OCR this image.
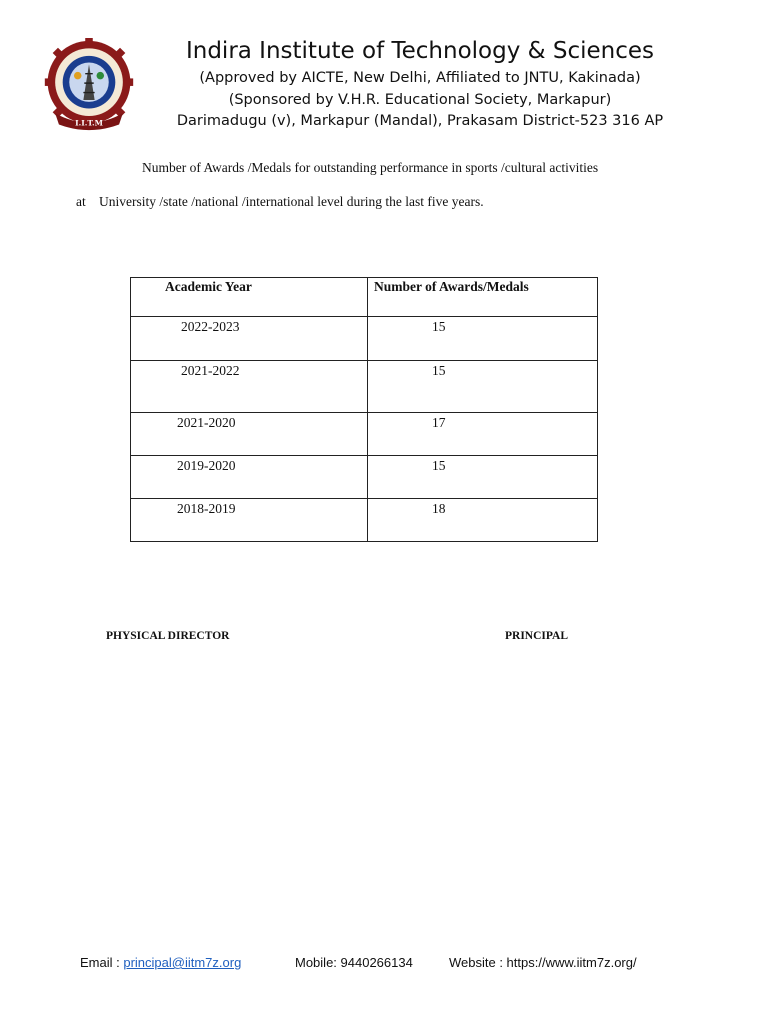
I.I.T.M
Indira Institute of Technology & Sciences
(Approved by AICTE, New Delhi, Affiliated to JNTU, Kakinada)
(Sponsored by V.H.R. Educational Society, Markapur)
Darimadugu (v), Markapur (Mandal), Prakasam District-523 316 AP
Number of Awards /Medals for outstanding performance in sports /cultural activities
at University /state /national /international level during the last five years.
Academic Year	Number of Awards/Medals
2022-2023	15
2021-2022	15
2021-2020	17
2019-2020	15
2018-2019	18
PHYSICAL DIRECTOR	PRINCIPAL
Email : principal@iitm7z.org	Mobile: 9440266134	Website : https://www.iitm7z.org/
